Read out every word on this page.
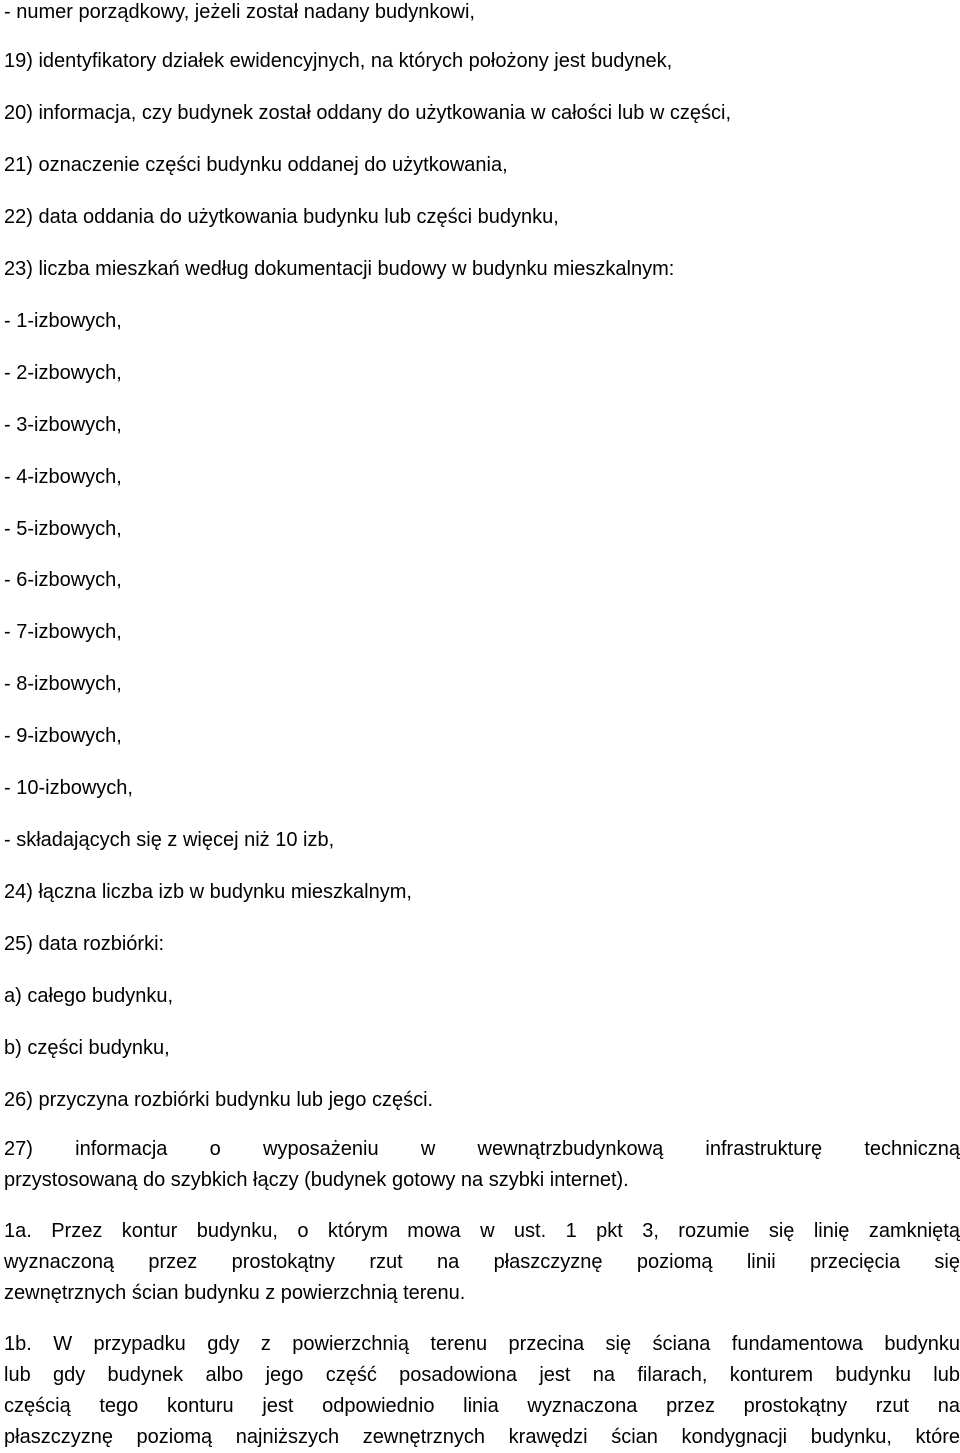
- numer porządkowy, jeżeli został nadany budynkowi,
19) identyfikatory działek ewidencyjnych, na których położony jest budynek,
20) informacja, czy budynek został oddany do użytkowania w całości lub w części,
21) oznaczenie części budynku oddanej do użytkowania,
22) data oddania do użytkowania budynku lub części budynku,
23) liczba mieszkań według dokumentacji budowy w budynku mieszkalnym:
- 1-izbowych,
- 2-izbowych,
- 3-izbowych,
- 4-izbowych,
- 5-izbowych,
- 6-izbowych,
- 7-izbowych,
- 8-izbowych,
- 9-izbowych,
- 10-izbowych,
- składających się z więcej niż 10 izb,
24) łączna liczba izb w budynku mieszkalnym,
25) data rozbiórki:
a) całego budynku,
b) części budynku,
26) przyczyna rozbiórki budynku lub jego części.
27) informacja o wyposażeniu w wewnątrzbudynkową infrastrukturę techniczną
przystosowaną do szybkich łączy (budynek gotowy na szybki internet).
1a. Przez kontur budynku, o którym mowa w ust. 1 pkt 3, rozumie się linię zamkniętą
wyznaczoną przez prostokątny rzut na płaszczyznę poziomą linii przecięcia się
zewnętrznych ścian budynku z powierzchnią terenu.
1b. W przypadku gdy z powierzchnią terenu przecina się ściana fundamentowa budynku
lub gdy budynek albo jego część posadowiona jest na filarach, konturem budynku lub
częścią tego konturu jest odpowiednio linia wyznaczona przez prostokątny rzut na
płaszczyznę poziomą najniższych zewnętrznych krawędzi ścian kondygnacji budynku, które
